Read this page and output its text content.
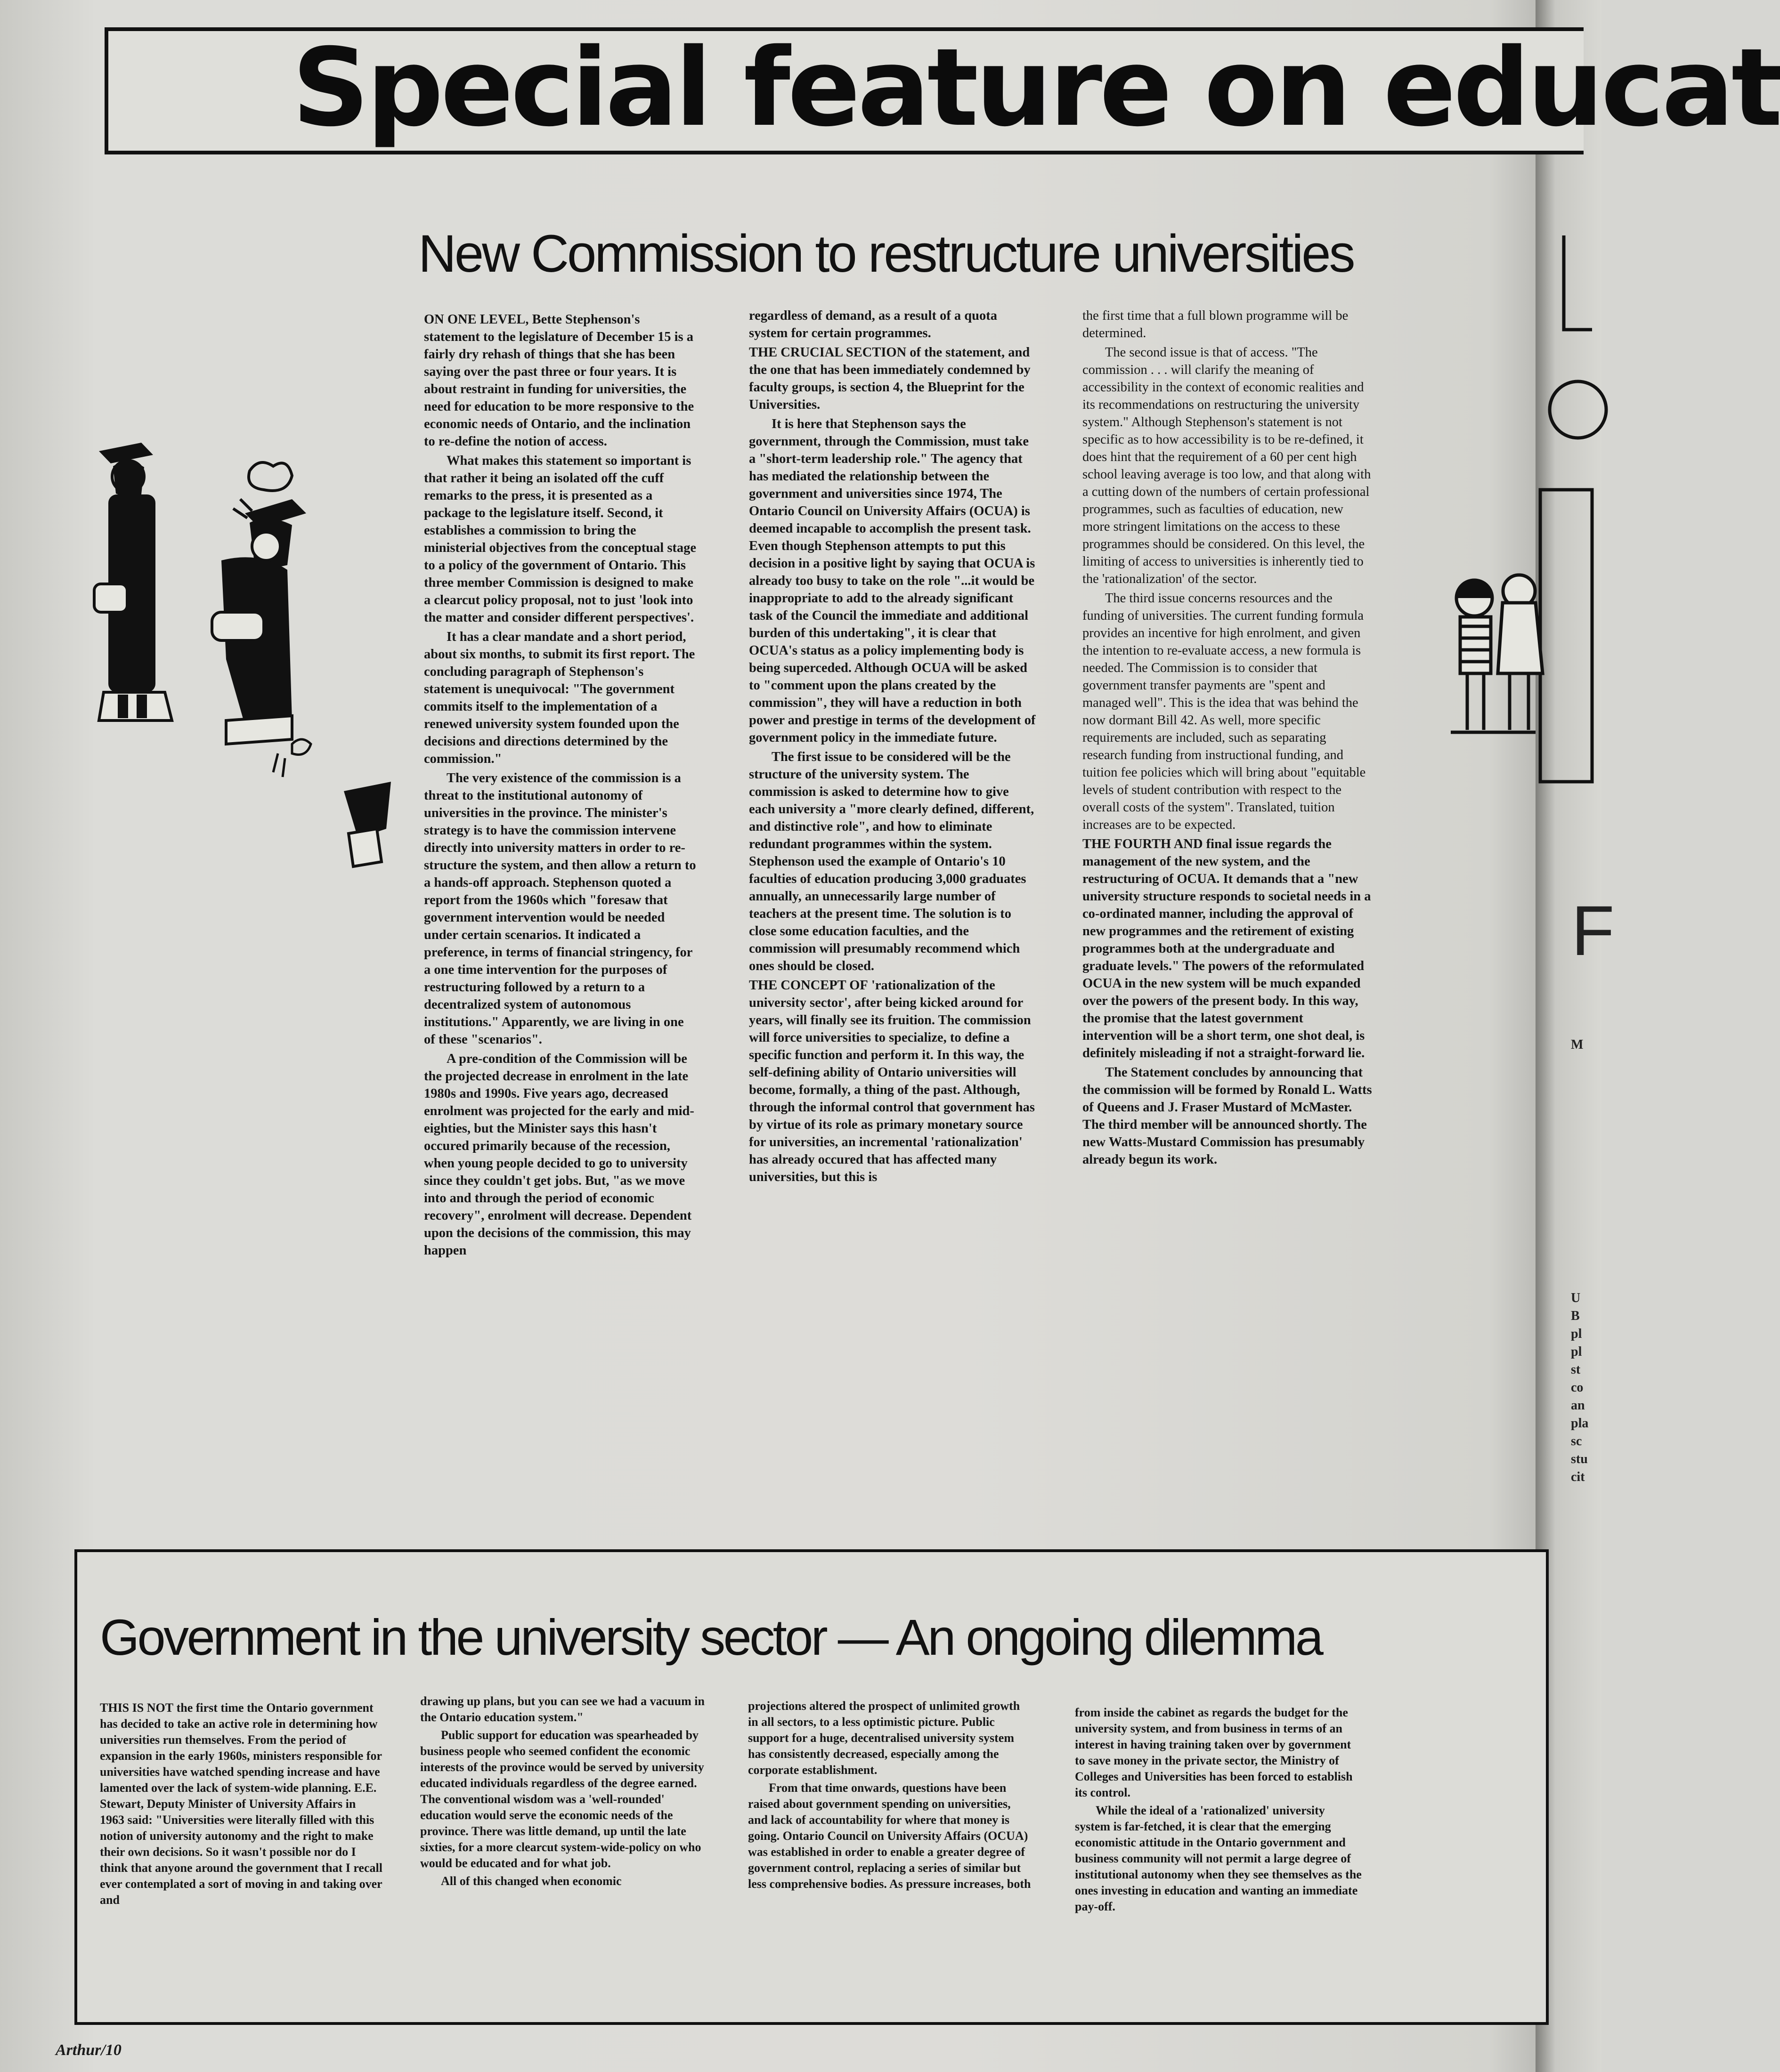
Special feature on educat
F
M
U
B
pl
pl
st
co
an
pla
sc
stu
cit
New Commission to restructure universities

ON ONE LEVEL, Bette Stephenson's statement to the legislature of December 15 is a fairly dry rehash of things that she has been saying over the past three or four years. It is about restraint in funding for universities, the need for education to be more responsive to the economic needs of Ontario, and the inclination to re-define the notion of access.

What makes this statement so important is that rather it being an isolated off the cuff remarks to the press, it is presented as a package to the legislature itself. Second, it establishes a commission to bring the ministerial objectives from the conceptual stage to a policy of the government of Ontario. This three member Commission is designed to make a clearcut policy proposal, not to just 'look into the matter and consider different perspectives'.

It has a clear mandate and a short period, about six months, to submit its first report. The concluding paragraph of Stephenson's statement is unequivocal: "The government commits itself to the implementation of a renewed university system founded upon the decisions and directions determined by the commission."

The very existence of the commission is a threat to the institutional autonomy of universities in the province. The minister's strategy is to have the commission intervene directly into university matters in order to re-structure the system, and then allow a return to a hands-off approach. Stephenson quoted a report from the 1960s which "foresaw that government intervention would be needed under certain scenarios. It indicated a preference, in terms of financial stringency, for a one time intervention for the purposes of restructuring followed by a return to a decentralized system of autonomous institutions." Apparently, we are living in one of these "scenarios".

A pre-condition of the Commission will be the projected decrease in enrolment in the late 1980s and 1990s. Five years ago, decreased enrolment was projected for the early and mid-eighties, but the Minister says this hasn't occured primarily because of the recession, when young people decided to go to university since they couldn't get jobs. But, "as we move into and through the period of economic recovery", enrolment will decrease. Dependent upon the decisions of the commission, this may happen

regardless of demand, as a result of a quota system for certain programmes.

THE CRUCIAL SECTION of the statement, and the one that has been immediately condemned by faculty groups, is section 4, the Blueprint for the Universities.

It is here that Stephenson says the government, through the Commission, must take a "short-term leadership role." The agency that has mediated the relationship between the government and universities since 1974, The Ontario Council on University Affairs (OCUA) is deemed incapable to accomplish the present task. Even though Stephenson attempts to put this decision in a positive light by saying that OCUA is already too busy to take on the role "...it would be inappropriate to add to the already significant task of the Council the immediate and additional burden of this undertaking", it is clear that OCUA's status as a policy implementing body is being superceded. Although OCUA will be asked to "comment upon the plans created by the commission", they will have a reduction in both power and prestige in terms of the development of government policy in the immediate future.

The first issue to be considered will be the structure of the university system. The commission is asked to determine how to give each university a "more clearly defined, different, and distinctive role", and how to eliminate redundant programmes within the system. Stephenson used the example of Ontario's 10 faculties of education producing 3,000 graduates annually, an unnecessarily large number of teachers at the present time. The solution is to close some education faculties, and the commission will presumably recommend which ones should be closed.

THE CONCEPT OF 'rationalization of the university sector', after being kicked around for years, will finally see its fruition. The commission will force universities to specialize, to define a specific function and perform it. In this way, the self-defining ability of Ontario universities will become, formally, a thing of the past. Although, through the informal control that government has by virtue of its role as primary monetary source for universities, an incremental 'rationalization' has already occured that has affected many universities, but this is

the first time that a full blown programme will be determined.

The second issue is that of access. "The commission . . . will clarify the meaning of accessibility in the context of economic realities and its recommendations on restructuring the university system." Although Stephenson's statement is not specific as to how accessibility is to be re-defined, it does hint that the requirement of a 60 per cent high school leaving average is too low, and that along with a cutting down of the numbers of certain professional programmes, such as faculties of education, new more stringent limitations on the access to these programmes should be considered. On this level, the limiting of access to universities is inherently tied to the 'rationalization' of the sector.

The third issue concerns resources and the funding of universities. The current funding formula provides an incentive for high enrolment, and given the intention to re-evaluate access, a new formula is needed. The Commission is to consider that government transfer payments are "spent and managed well". This is the idea that was behind the now dormant Bill 42. As well, more specific requirements are included, such as separating research funding from instructional funding, and tuition fee policies which will bring about "equitable levels of student contribution with respect to the overall costs of the system". Translated, tuition increases are to be expected.

THE FOURTH AND final issue regards the management of the new system, and the restructuring of OCUA. It demands that a "new university structure responds to societal needs in a co-ordinated manner, including the approval of new programmes and the retirement of existing programmes both at the undergraduate and graduate levels." The powers of the reformulated OCUA in the new system will be much expanded over the powers of the present body. In this way, the promise that the latest government intervention will be a short term, one shot deal, is definitely misleading if not a straight-forward lie.

The Statement concludes by announcing that the commission will be formed by Ronald L. Watts of Queens and J. Fraser Mustard of McMaster. The third member will be announced shortly. The new Watts-Mustard Commission has presumably already begun its work.

Government in the university sector — An ongoing dilemma

THIS IS NOT the first time the Ontario government has decided to take an active role in determining how universities run themselves. From the period of expansion in the early 1960s, ministers responsible for universities have watched spending increase and have lamented over the lack of system-wide planning. E.E. Stewart, Deputy Minister of University Affairs in 1963 said: "Universities were literally filled with this notion of university autonomy and the right to make their own decisions. So it wasn't possible nor do I think that anyone around the government that I recall ever contemplated a sort of moving in and taking over and

drawing up plans, but you can see we had a vacuum in the Ontario education system."

Public support for education was spearheaded by business people who seemed confident the economic interests of the province would be served by university educated individuals regardless of the degree earned. The conventional wisdom was a 'well-rounded' education would serve the economic needs of the province. There was little demand, up until the late sixties, for a more clearcut system-wide-policy on who would be educated and for what job.

All of this changed when economic

projections altered the prospect of unlimited growth in all sectors, to a less optimistic picture. Public support for a huge, decentralised university system has consistently decreased, especially among the corporate establishment.

From that time onwards, questions have been raised about government spending on universities, and lack of accountability for where that money is going. Ontario Council on University Affairs (OCUA) was established in order to enable a greater degree of government control, replacing a series of similar but less comprehensive bodies. As pressure increases, both

from inside the cabinet as regards the budget for the university system, and from business in terms of an interest in having training taken over by government to save money in the private sector, the Ministry of Colleges and Universities has been forced to establish its control.

While the ideal of a 'rationalized' university system is far-fetched, it is clear that the emerging economistic attitude in the Ontario government and business community will not permit a large degree of institutional autonomy when they see themselves as the ones investing in education and wanting an immediate pay-off.

Arthur/10
